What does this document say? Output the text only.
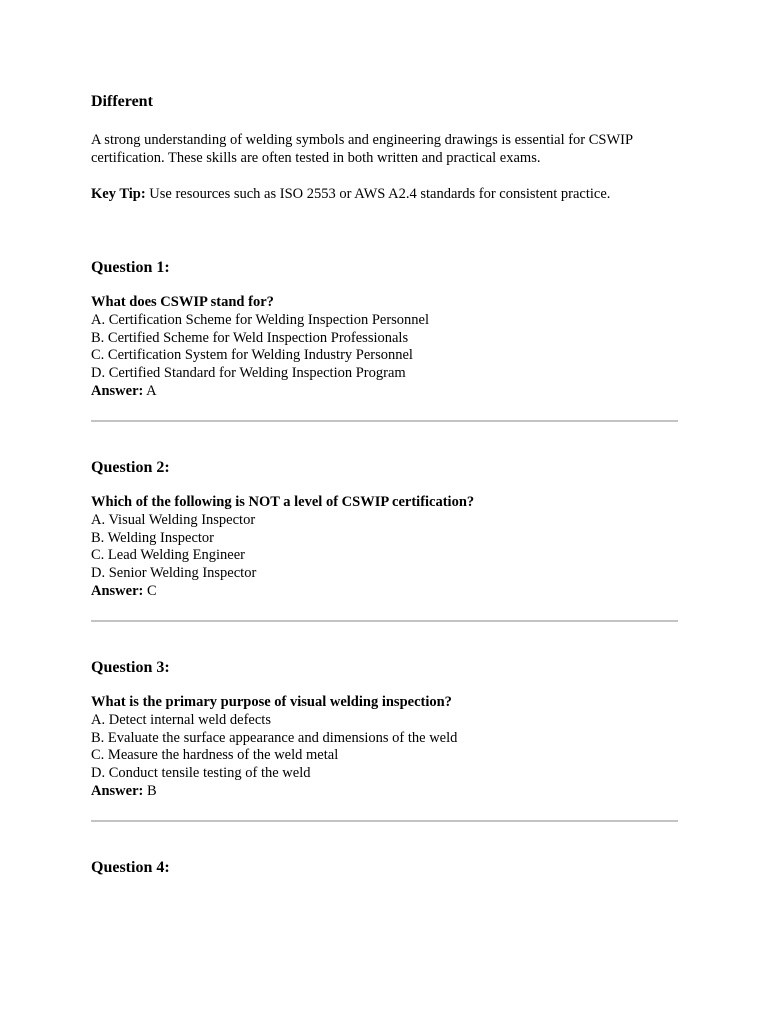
Different
A strong understanding of welding symbols and engineering drawings is essential for CSWIP certification. These skills are often tested in both written and practical exams.
Key Tip: Use resources such as ISO 2553 or AWS A2.4 standards for consistent practice.
Question 1:
What does CSWIP stand for?
A. Certification Scheme for Welding Inspection Personnel
B. Certified Scheme for Weld Inspection Professionals
C. Certification System for Welding Industry Personnel
D. Certified Standard for Welding Inspection Program
Answer: A
Question 2:
Which of the following is NOT a level of CSWIP certification?
A. Visual Welding Inspector
B. Welding Inspector
C. Lead Welding Engineer
D. Senior Welding Inspector
Answer: C
Question 3:
What is the primary purpose of visual welding inspection?
A. Detect internal weld defects
B. Evaluate the surface appearance and dimensions of the weld
C. Measure the hardness of the weld metal
D. Conduct tensile testing of the weld
Answer: B
Question 4:
